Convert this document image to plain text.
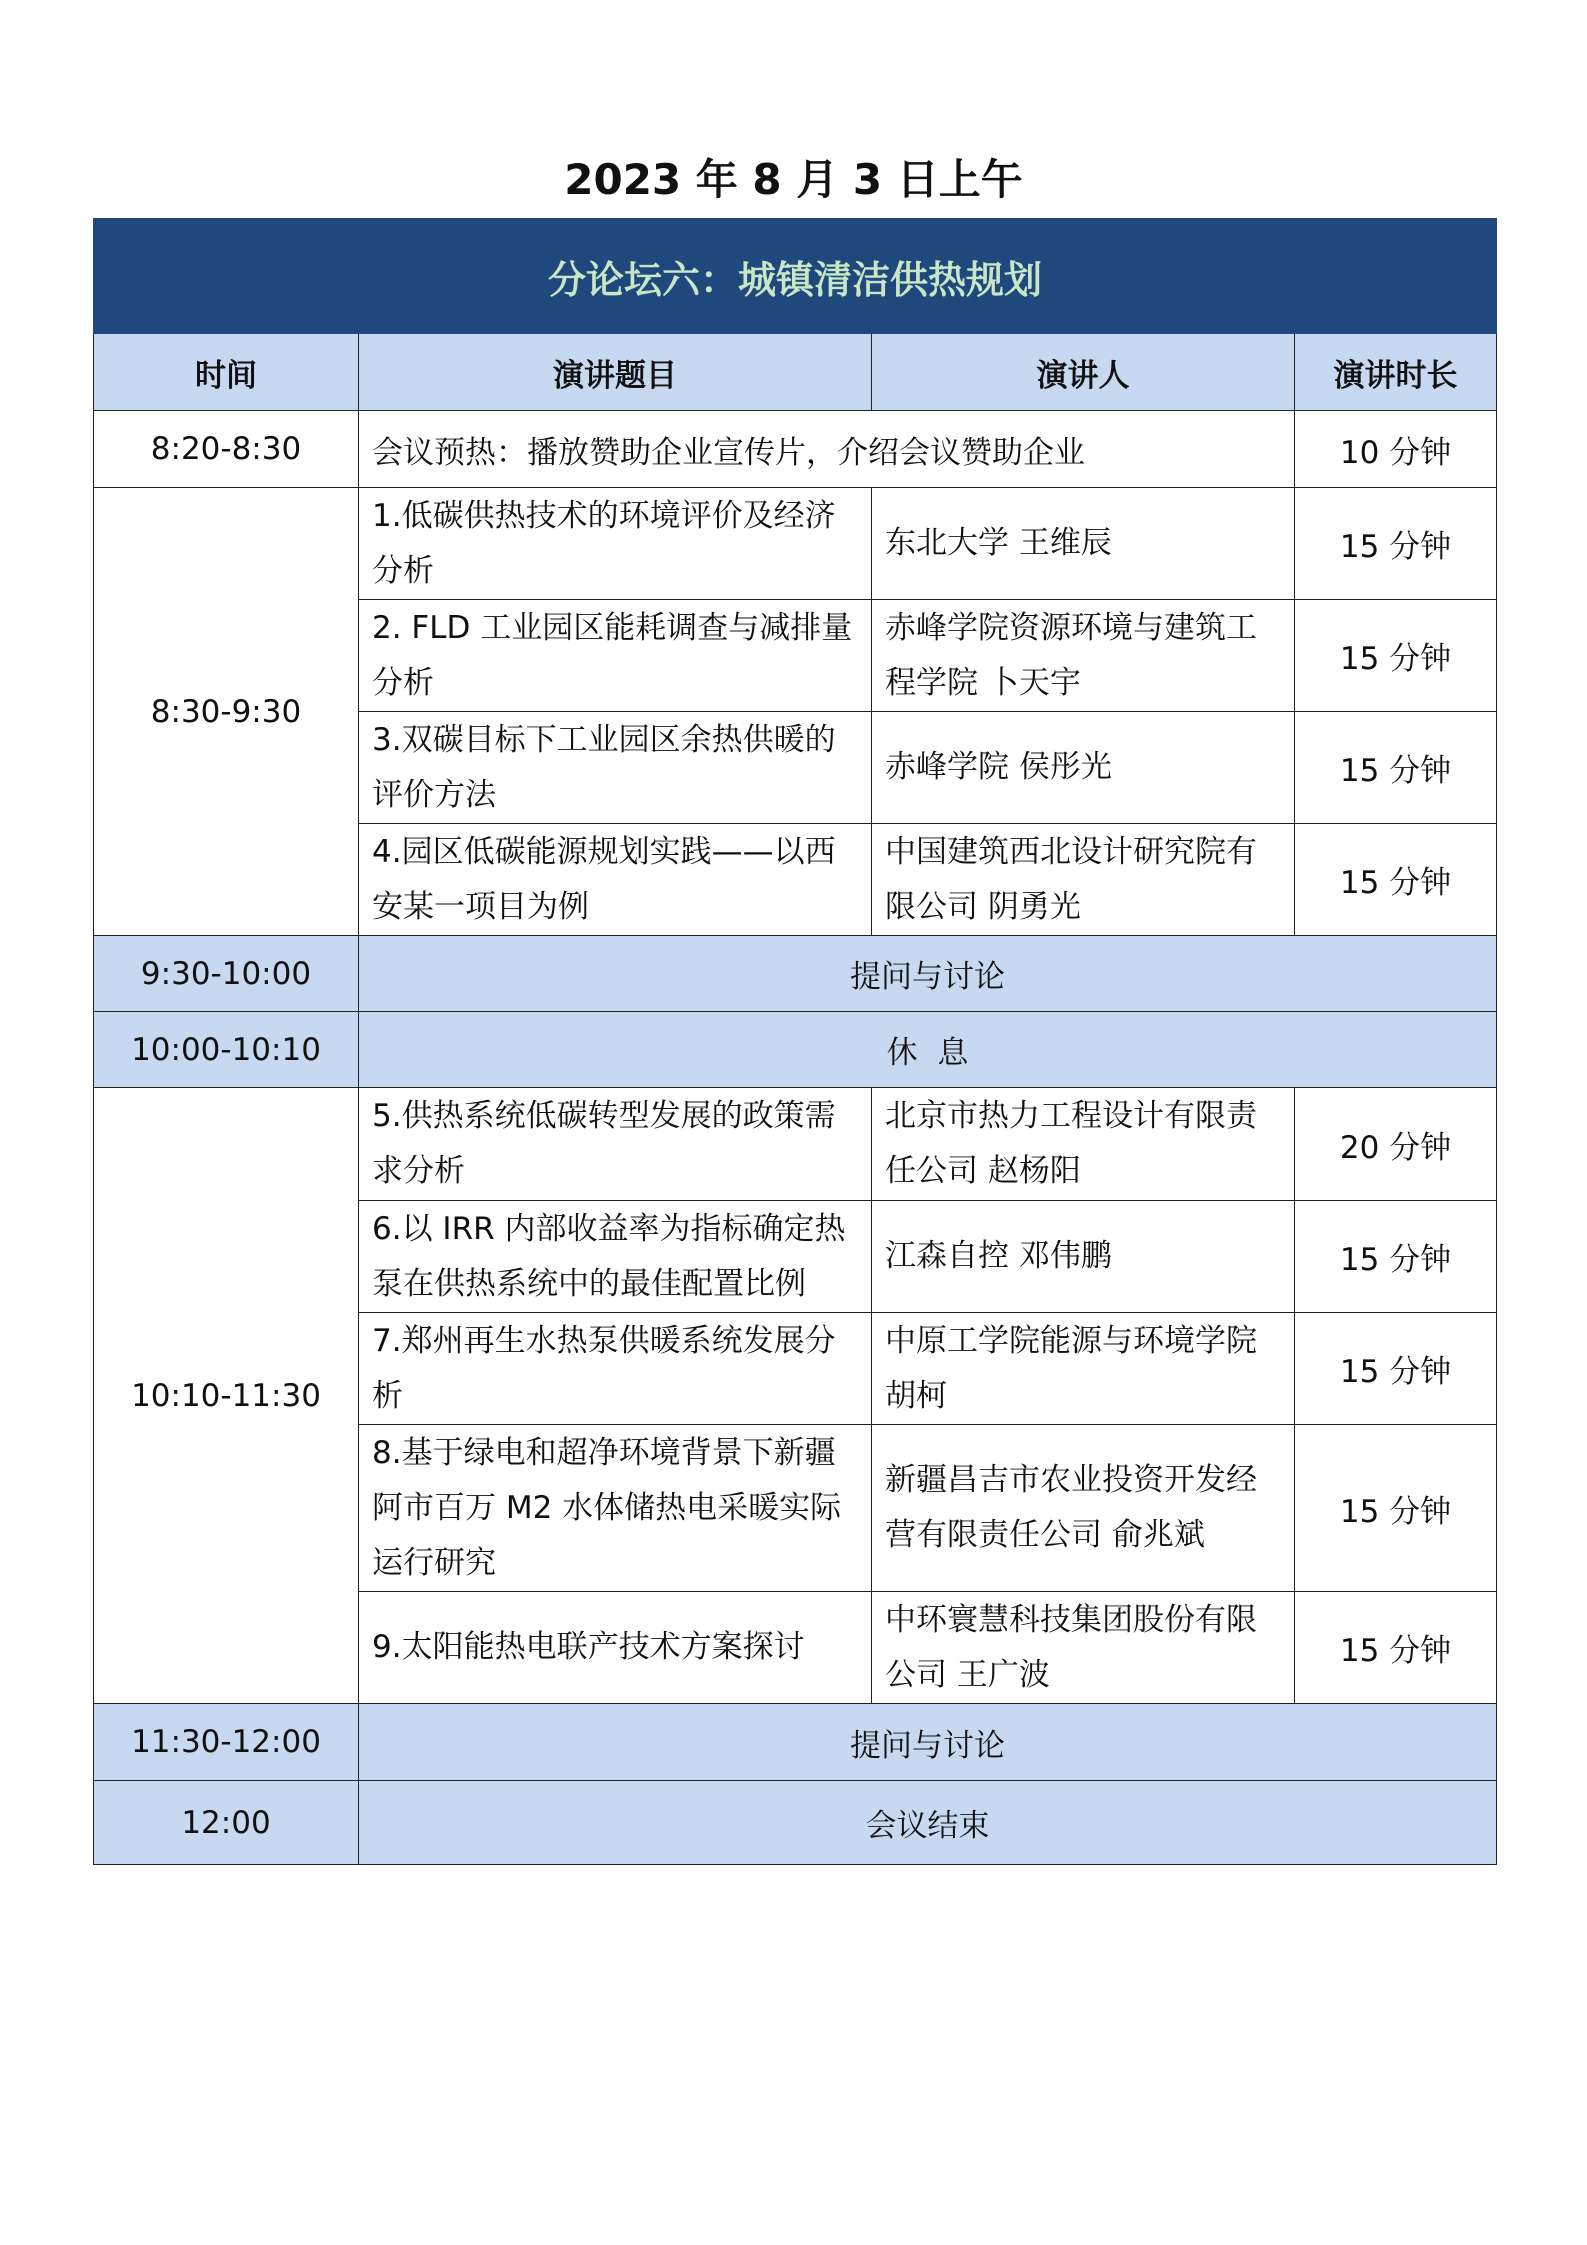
2023 年 8 月 3 日上午
分论坛六：城镇清洁供热规划			
时间	演讲题目	演讲人	演讲时长
8:20-8:30	会议预热：播放赞助企业宣传片，介绍会议赞助企业		10 分钟
8:30-9:30	1.低碳供热技术的环境评价及经济分析	东北大学 王维辰	15 分钟
	2. FLD 工业园区能耗调查与减排量分析	赤峰学院资源环境与建筑工程学院 卜天宇	15 分钟
	3.双碳目标下工业园区余热供暖的评价方法	赤峰学院 侯彤光	15 分钟
	4.园区低碳能源规划实践——以西安某一项目为例	中国建筑西北设计研究院有限公司 阴勇光	15 分钟
9:30-10:00	提问与讨论		
10:00-10:10	休  息		
10:10-11:30	5.供热系统低碳转型发展的政策需求分析	北京市热力工程设计有限责任公司 赵杨阳	20 分钟
	6.以 IRR 内部收益率为指标确定热泵在供热系统中的最佳配置比例	江森自控 邓伟鹏	15 分钟
	7.郑州再生水热泵供暖系统发展分析	中原工学院能源与环境学院胡柯	15 分钟
	8.基于绿电和超净环境背景下新疆阿市百万 M2 水体储热电采暖实际运行研究	新疆昌吉市农业投资开发经营有限责任公司 俞兆斌	15 分钟
	9.太阳能热电联产技术方案探讨	中环寰慧科技集团股份有限公司 王广波	15 分钟
11:30-12:00	提问与讨论		
12:00	会议结束		
